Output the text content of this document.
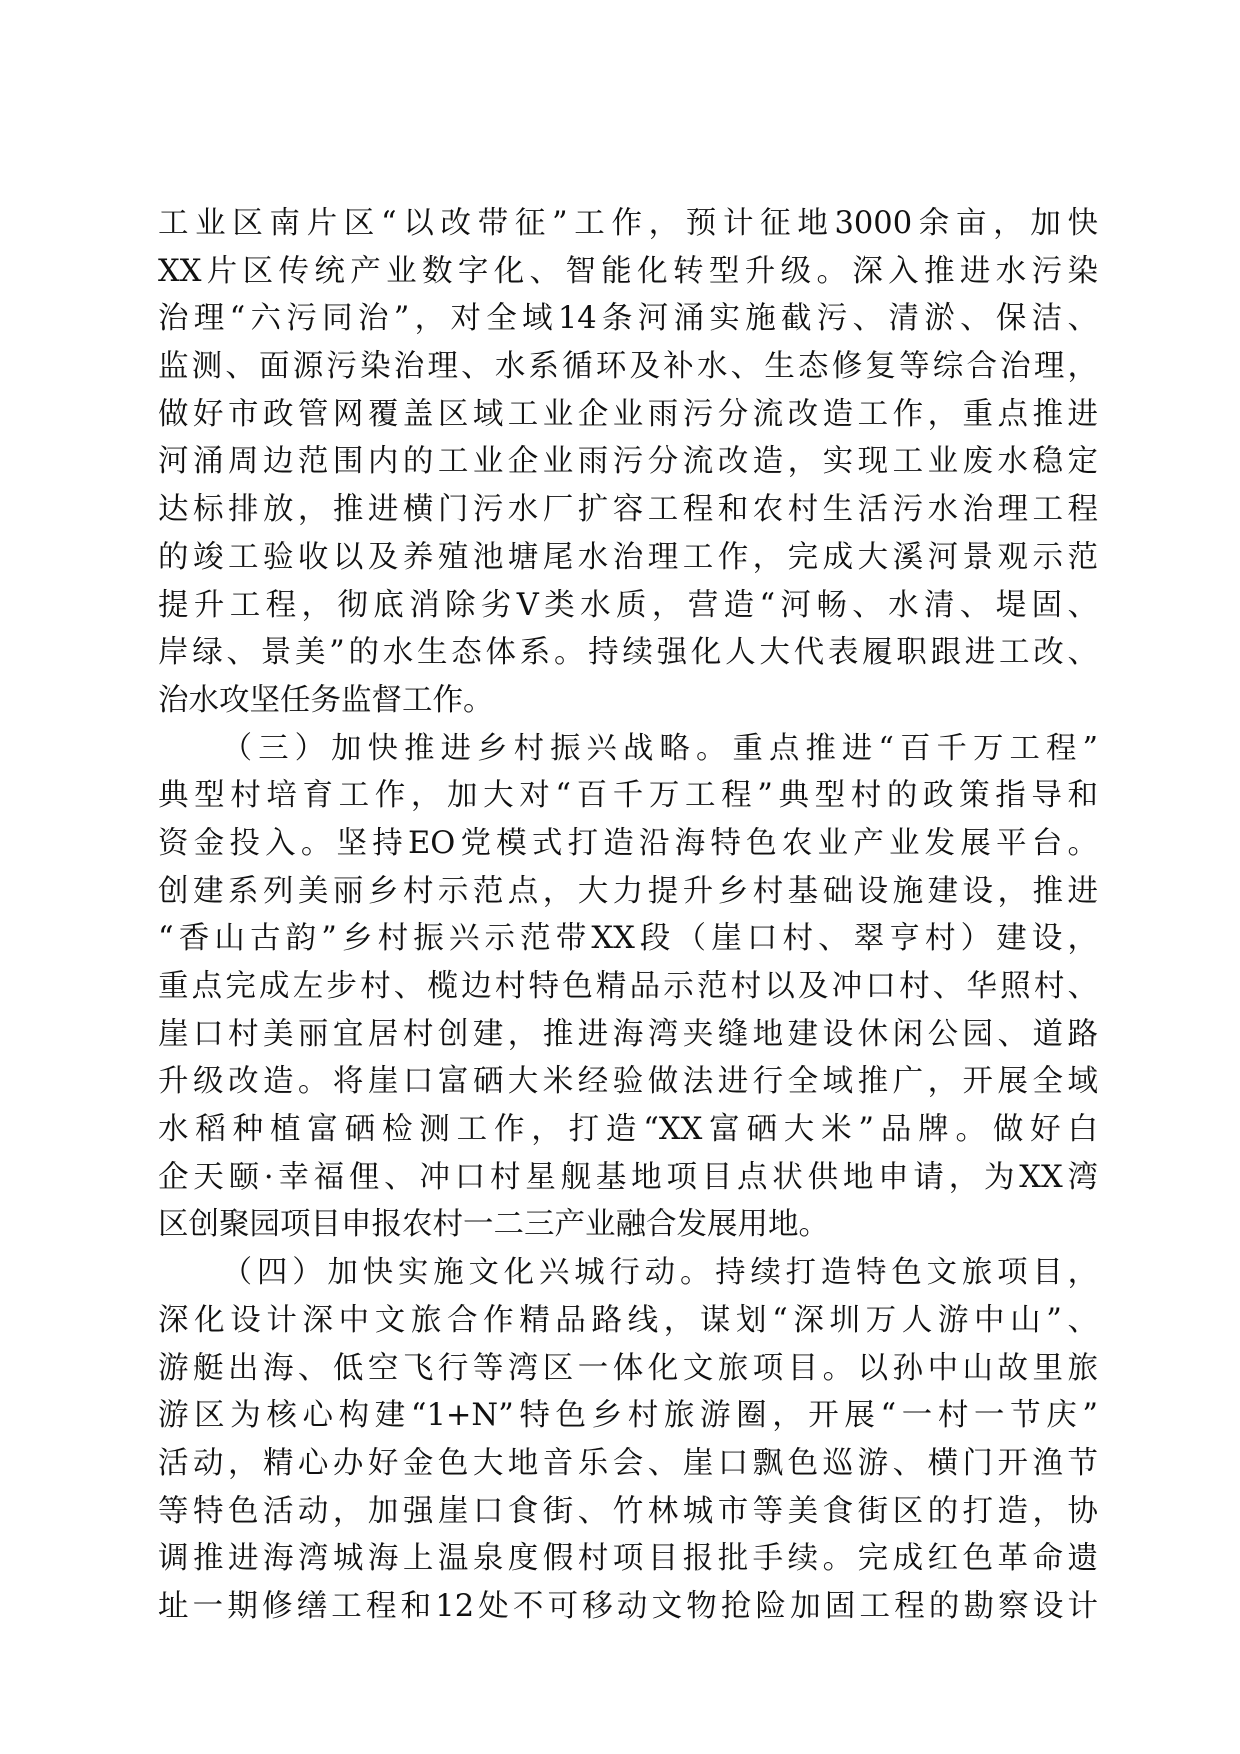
工业区南片区“以改带征”工作，预计征地3000余亩，加快
XX片区传统产业数字化、智能化转型升级。深入推进水污染
治理“六污同治”，对全域14条河涌实施截污、清淤、保洁、
监测、面源污染治理、水系循环及补水、生态修复等综合治理，
做好市政管网覆盖区域工业企业雨污分流改造工作，重点推进
河涌周边范围内的工业企业雨污分流改造，实现工业废水稳定
达标排放，推进横门污水厂扩容工程和农村生活污水治理工程
的竣工验收以及养殖池塘尾水治理工作，完成大溪河景观示范
提升工程，彻底消除劣Ⅴ类水质，营造“河畅、水清、堤固、
岸绿、景美”的水生态体系。持续强化人大代表履职跟进工改、
治水攻坚任务监督工作。
（三）加快推进乡村振兴战略。重点推进“百千万工程”
典型村培育工作，加大对“百千万工程”典型村的政策指导和
资金投入。坚持EO党模式打造沿海特色农业产业发展平台。
创建系列美丽乡村示范点，大力提升乡村基础设施建设，推进
“香山古韵”乡村振兴示范带XX段（崖口村、翠亨村）建设，
重点完成左步村、榄边村特色精品示范村以及冲口村、华照村、
崖口村美丽宜居村创建，推进海湾夹缝地建设休闲公园、道路
升级改造。将崖口富硒大米经验做法进行全域推广，开展全域
水稻种植富硒检测工作，打造“XX富硒大米”品牌。做好白
企天颐·幸福俚、冲口村星舰基地项目点状供地申请，为XX湾
区创聚园项目申报农村一二三产业融合发展用地。
（四）加快实施文化兴城行动。持续打造特色文旅项目，
深化设计深中文旅合作精品路线，谋划“深圳万人游中山”、
游艇出海、低空飞行等湾区一体化文旅项目。以孙中山故里旅
游区为核心构建“1+N”特色乡村旅游圈，开展“一村一节庆”
活动，精心办好金色大地音乐会、崖口飘色巡游、横门开渔节
等特色活动，加强崖口食街、竹林城市等美食街区的打造，协
调推进海湾城海上温泉度假村项目报批手续。完成红色革命遗
址一期修缮工程和12处不可移动文物抢险加固工程的勘察设计
